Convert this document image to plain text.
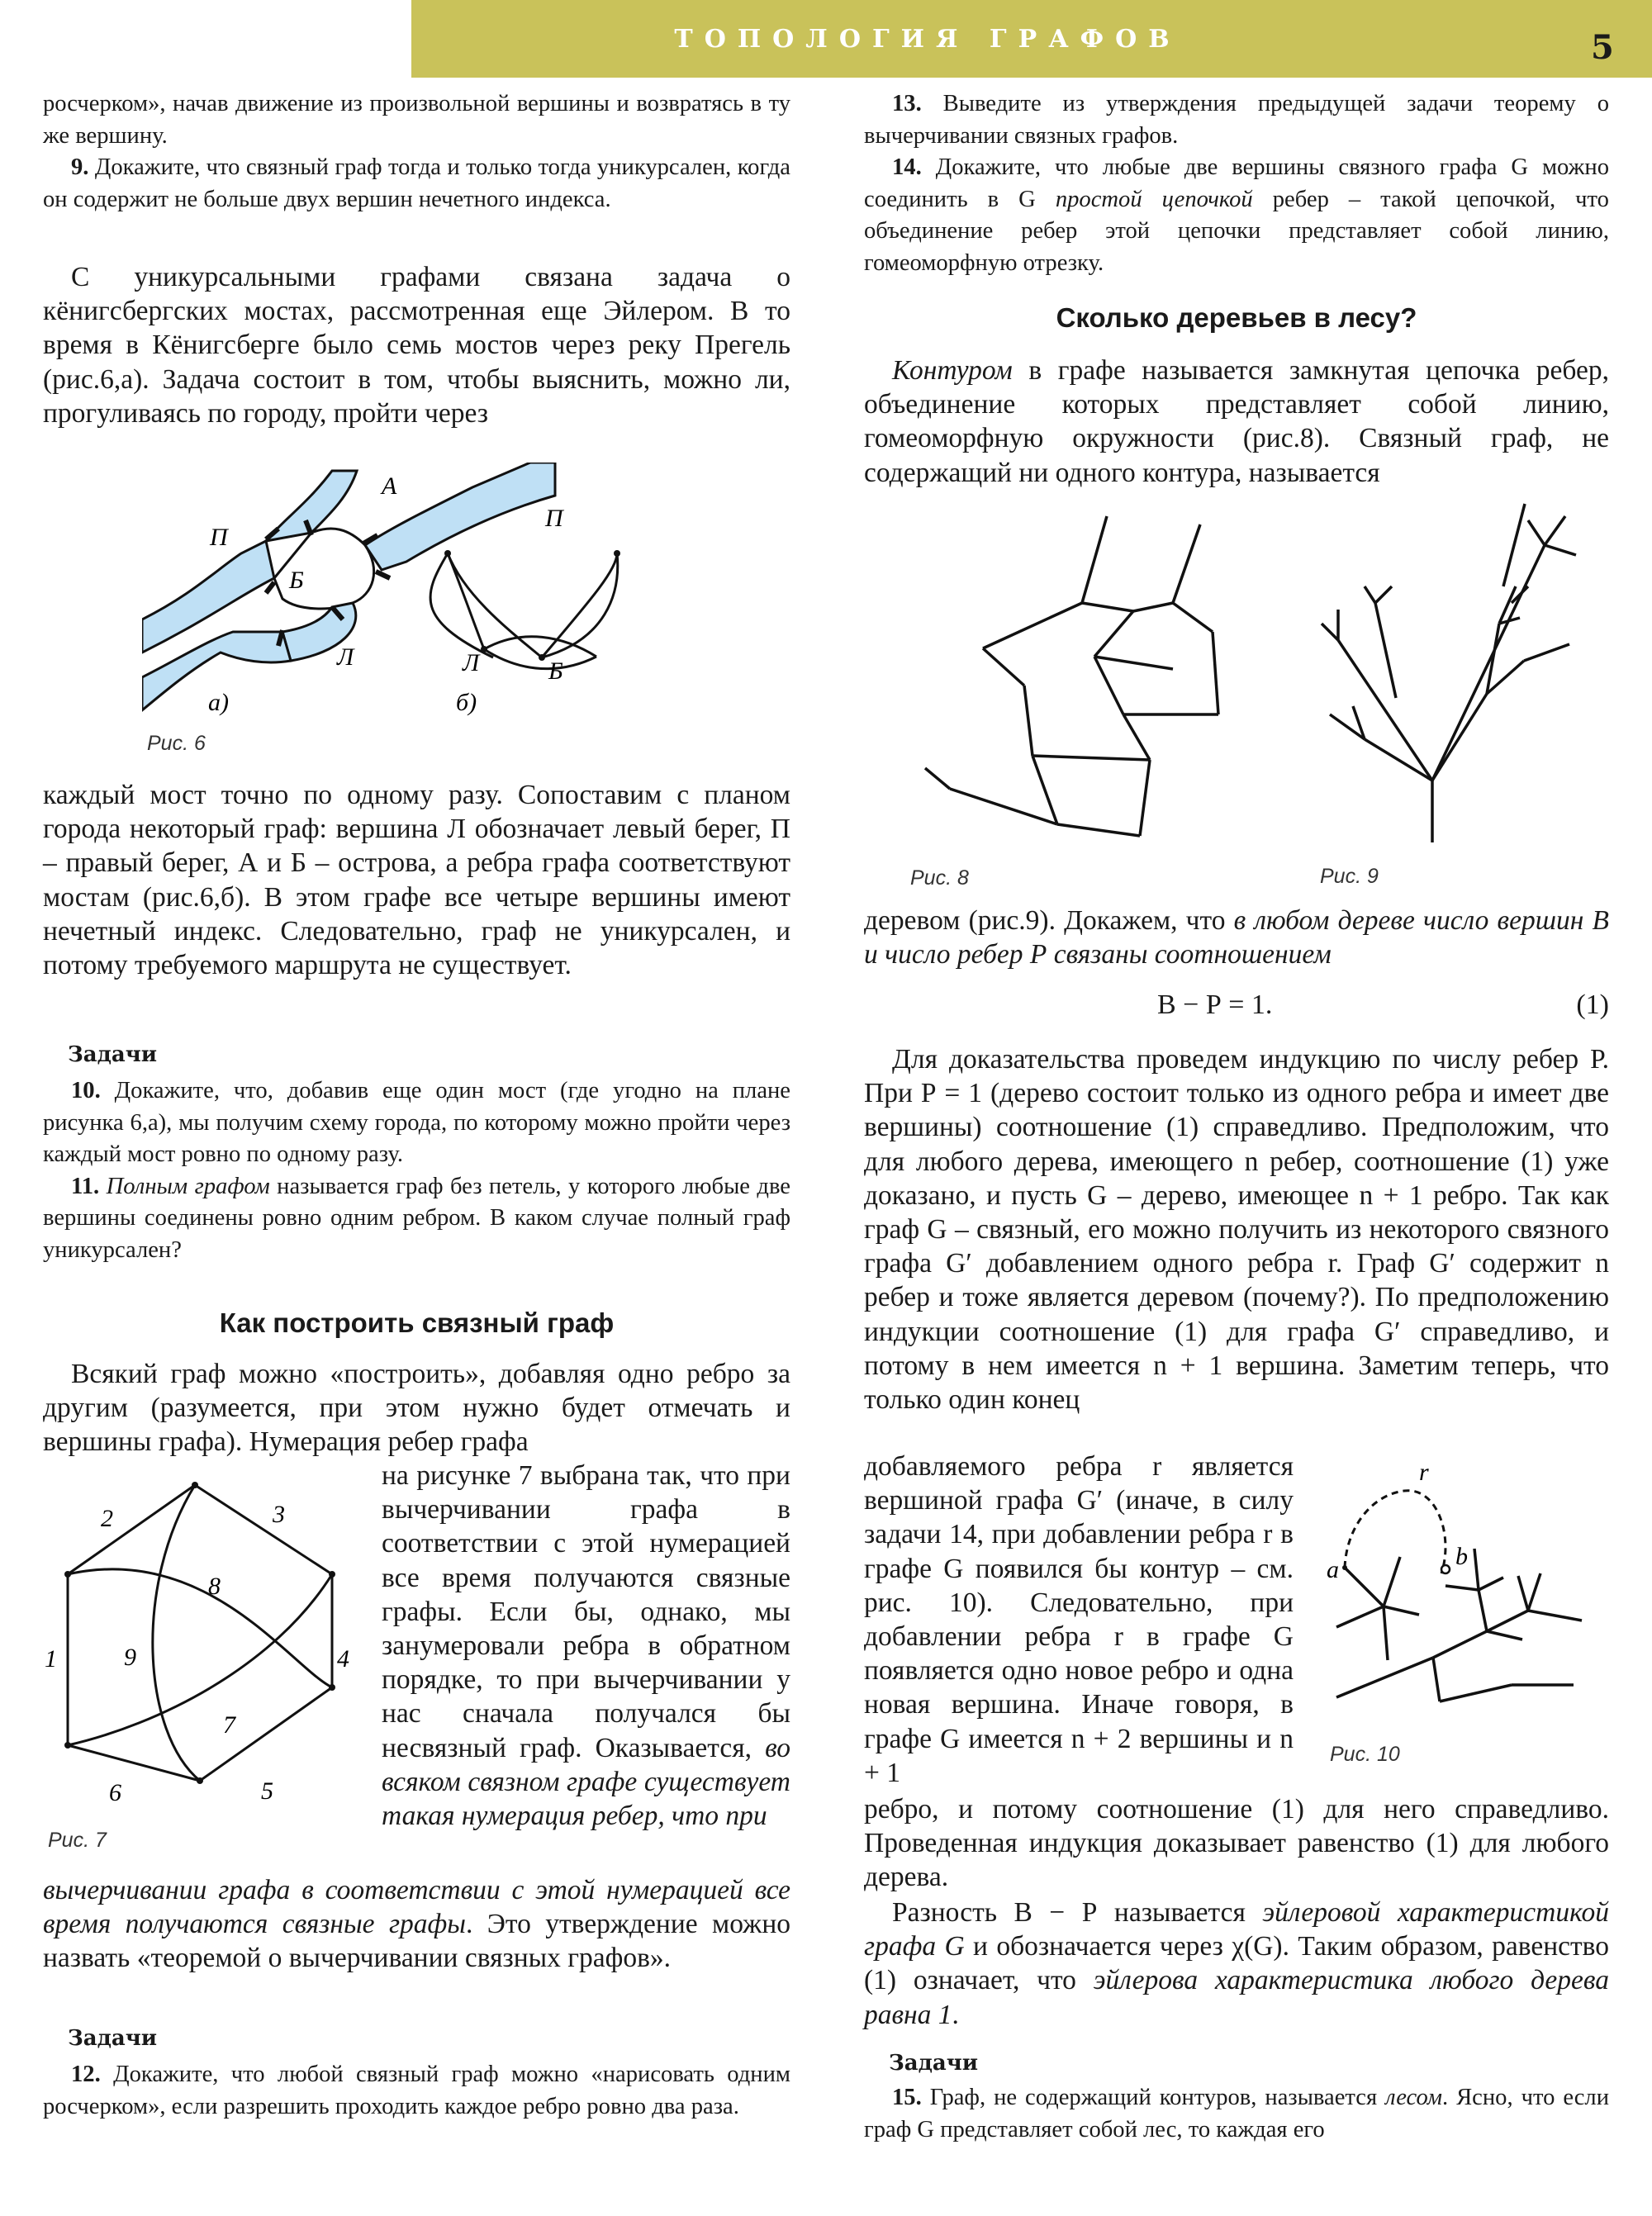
ТОПОЛОГИЯ ГРАФОВ	5

росчерком», начав движение из произвольной вершины и возвратясь в ту же вершину.

9. Докажите, что связный граф тогда и только тогда уникурсален, когда он содержит не больше двух вершин нечетного индекса.

С уникурсальными графами связана задача о кёнигсбергских мостах, рассмотренная еще Эйлером. В то время в Кёнигсберге было семь мостов через реку Прегель (рис.6,а). Задача состоит в том, чтобы выяснить, можно ли, прогуливаясь по городу, пройти через

А
П
Б
Л
а)
П
Б
Л
б)
Рис. 6

каждый мост точно по одному разу. Сопоставим с планом города некоторый граф: вершина Л обозначает левый берег, П – правый берег, А и Б – острова, а ребра графа соответствуют мостам (рис.6,б). В этом графе все четыре вершины имеют нечетный индекс. Следовательно, граф не уникурсален, и потому требуемого маршрута не существует.

Задачи

10. Докажите, что, добавив еще один мост (где угодно на плане рисунка 6,а), мы получим схему города, по которому можно пройти через каждый мост ровно по одному разу.

11. Полным графом называется граф без петель, у которого любые две вершины соединены ровно одним ребром. В каком случае полный граф уникурсален?

Как построить связный граф

Всякий граф можно «построить», добавляя одно ребро за другим (разумеется, при этом нужно будет отмечать и вершины графа). Нумерация ребер графа

1
2	3
4
5
6
7
8
9
Рис. 7

на рисунке 7 выбрана так, что при вычерчивании графа в соответствии с этой нумерацией все время получаются связные графы. Если бы, однако, мы занумеровали ребра в обратном порядке, то при вычерчивании у нас сначала получался бы несвязный граф. Оказывается, во всяком связном графе существует такая нумерация ребер, что при

вычерчивании графа в соответствии с этой нумерацией все время получаются связные графы. Это утверждение можно назвать «теоремой о вычерчивании связных графов».

Задачи

12. Докажите, что любой связный граф можно «нарисовать одним росчерком», если разрешить проходить каждое ребро ровно два раза.

13. Выведите из утверждения предыдущей задачи теорему о вычерчивании связных графов.

14. Докажите, что любые две вершины связного графа G можно соединить в G простой цепочкой ребер – такой цепочкой, что объединение ребер этой цепочки представляет собой линию, гомеоморфную отрезку.

Сколько деревьев в лесу?

Контуром в графе называется замкнутая цепочка ребер, объединение которых представляет собой линию, гомеоморфную окружности (рис.8). Связный граф, не содержащий ни одного контура, называется

Рис. 8	Рис. 9

деревом (рис.9). Докажем, что в любом дереве число вершин В и число ребер Р связаны соотношением

В − Р = 1.	(1)

Для доказательства проведем индукцию по числу ребер Р. При Р = 1 (дерево состоит только из одного ребра и имеет две вершины) соотношение (1) справедливо. Предположим, что для любого дерева, имеющего n ребер, соотношение (1) уже доказано, и пусть G – дерево, имеющее n + 1 ребро. Так как граф G – связный, его можно получить из некоторого связного графа G′ добавлением одного ребра r. Граф G′ содержит n ребер и тоже является деревом (почему?). По предположению индукции соотношение (1) для графа G′ справедливо, и потому в нем имеется n + 1 вершина. Заметим теперь, что только один конец

добавляемого ребра r является вершиной графа G′ (иначе, в силу задачи 14, при добавлении ребра r в графе G появился бы контур – см. рис. 10). Следовательно, при добавлении ребра r в графе G появляется одно новое ребро и одна новая вершина. Иначе говоря, в графе G имеется n + 2 вершины и n + 1

r
b
a
Рис. 10

ребро, и потому соотношение (1) для него справедливо. Проведенная индукция доказывает равенство (1) для любого дерева.

Разность В − Р называется эйлеровой характеристикой графа G и обозначается через χ(G). Таким образом, равенство (1) означает, что эйлерова характеристика любого дерева равна 1.

Задачи

15. Граф, не содержащий контуров, называется лесом. Ясно, что если граф G представляет собой лес, то каждая его
